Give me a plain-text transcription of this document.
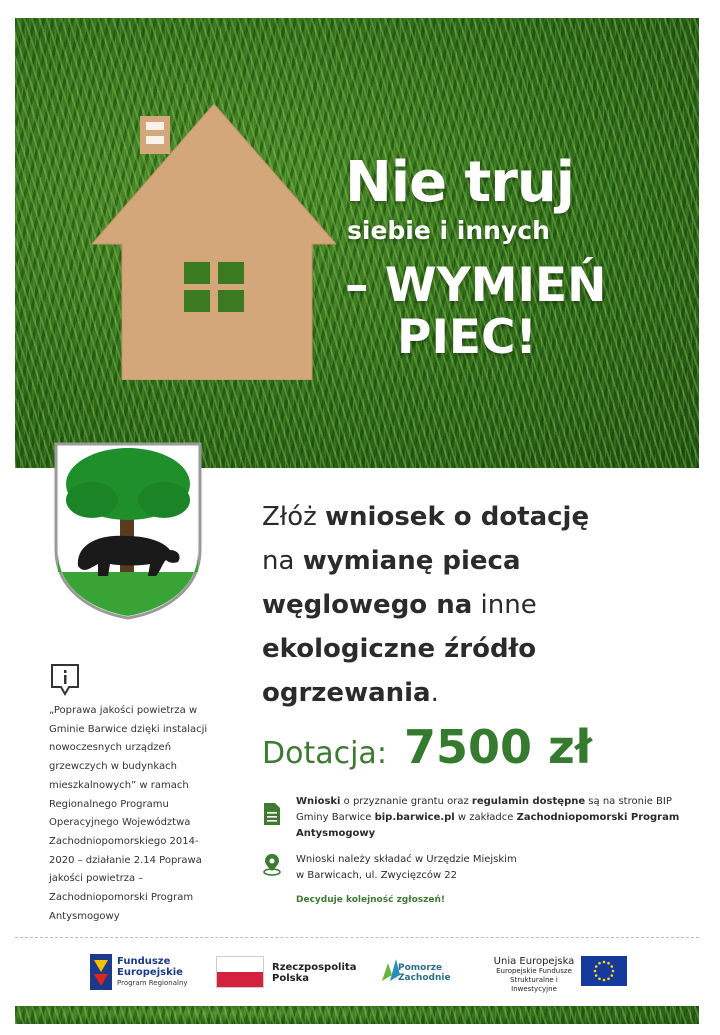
Nie truj
siebie i innych
– WYMIEŃ
PIEC!
Złóż wniosek o dotację
na wymianę pieca
węglowego na inne
ekologiczne źródło
ogrzewania.
Dotacja: 7500 zł
„Poprawa jakości powietrza w Gminie Barwice dzięki instalacji nowoczesnych urządzeń grzewczych w budynkach mieszkalnowych” w ramach Regionalnego Programu Operacyjnego Województwa Zachodniopomorskiego 2014-2020 – działanie 2.14 Poprawa jakości powietrza – Zachodniopomorski Program Antysmogowy
Wnioski o przyznanie grantu oraz regulamin dostępne są na stronie BIP Gminy Barwice bip.barwice.pl w zakładce Zachodniopomorski Program Antysmogowy
Wnioski należy składać w Urzędzie Miejskim
w Barwicach, ul. Zwycięzców 22
Decyduje kolejność zgłoszeń!
Fundusze
Europejskie
Program Regionalny
Rzeczpospolita
Polska
Pomorze
Zachodnie
Unia Europejska
Europejskie Fundusze
Strukturalne i Inwestycyjne
